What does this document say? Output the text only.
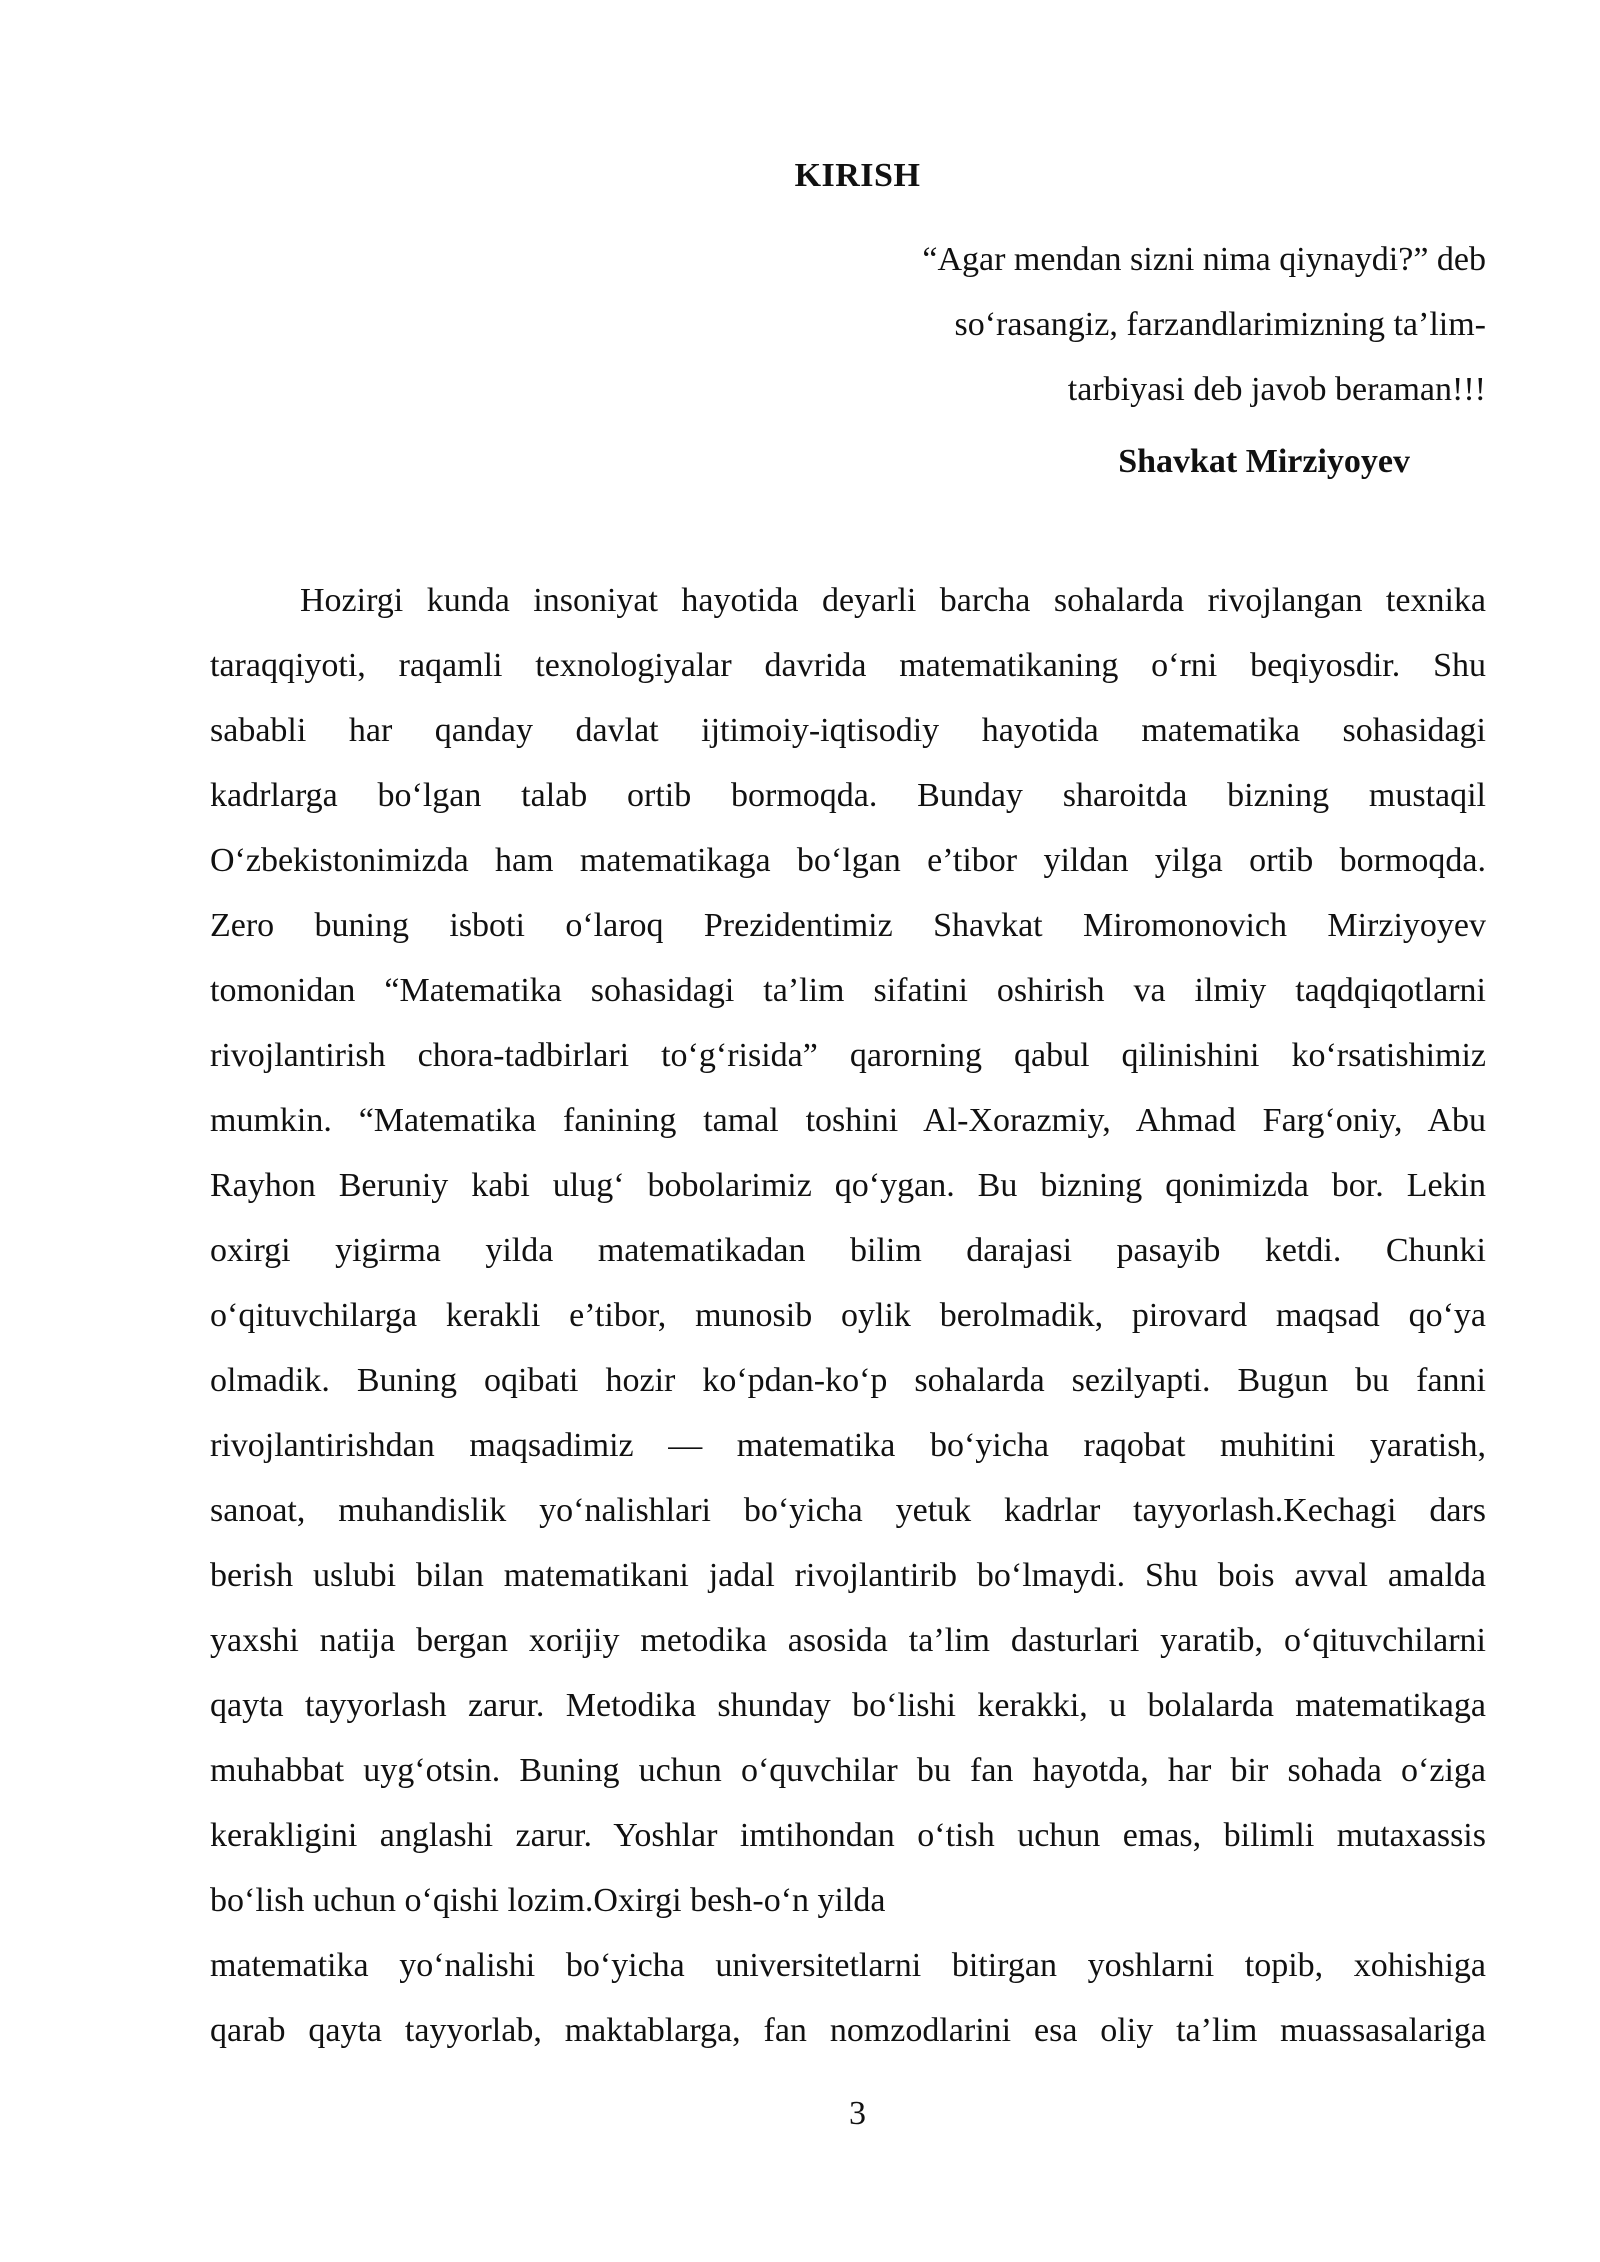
KIRISH
“Agar mendan sizni nima qiynaydi?” deb
so‘rasangiz, farzandlarimizning ta’lim-
tarbiyasi deb javob beraman!!!
Shavkat Mirziyoyev
Hozirgi kunda insoniyat hayotida deyarli barcha sohalarda rivojlangan texnika
taraqqiyoti, raqamli texnologiyalar davrida matematikaning o‘rni beqiyosdir. Shu
sababli har qanday davlat ijtimoiy-iqtisodiy hayotida matematika sohasidagi
kadrlarga bo‘lgan talab ortib bormoqda. Bunday sharoitda bizning mustaqil
O‘zbekistonimizda ham matematikaga bo‘lgan e’tibor yildan yilga ortib bormoqda.
Zero buning isboti o‘laroq Prezidentimiz Shavkat Miromonovich Mirziyoyev
tomonidan “Matematika sohasidagi ta’lim sifatini oshirish va ilmiy taqdqiqotlarni
rivojlantirish chora-tadbirlari to‘g‘risida” qarorning qabul qilinishini ko‘rsatishimiz
mumkin. “Matematika fanining tamal toshini Al-Xorazmiy, Ahmad Farg‘oniy, Abu
Rayhon Beruniy kabi ulug‘ bobolarimiz qo‘ygan. Bu bizning qonimizda bor. Lekin
oxirgi yigirma yilda matematikadan bilim darajasi pasayib ketdi. Chunki
o‘qituvchilarga kerakli e’tibor, munosib oylik berolmadik, pirovard maqsad qo‘ya
olmadik. Buning oqibati hozir ko‘pdan-ko‘p sohalarda sezilyapti. Bugun bu fanni
rivojlantirishdan maqsadimiz — matematika bo‘yicha raqobat muhitini yaratish,
sanoat, muhandislik yo‘nalishlari bo‘yicha yetuk kadrlar tayyorlash.Kechagi dars
berish uslubi bilan matematikani jadal rivojlantirib bo‘lmaydi. Shu bois avval amalda
yaxshi natija bergan xorijiy metodika asosida ta’lim dasturlari yaratib, o‘qituvchilarni
qayta tayyorlash zarur. Metodika shunday bo‘lishi kerakki, u bolalarda matematikaga
muhabbat uyg‘otsin. Buning uchun o‘quvchilar bu fan hayotda, har bir sohada o‘ziga
kerakligini anglashi zarur. Yoshlar imtihondan o‘tish uchun emas, bilimli mutaxassis
bo‘lish uchun o‘qishi lozim.Oxirgi besh-o‘n yilda
matematika yo‘nalishi bo‘yicha universitetlarni bitirgan yoshlarni topib, xohishiga
qarab qayta tayyorlab, maktablarga, fan nomzodlarini esa oliy ta’lim muassasalariga
3
